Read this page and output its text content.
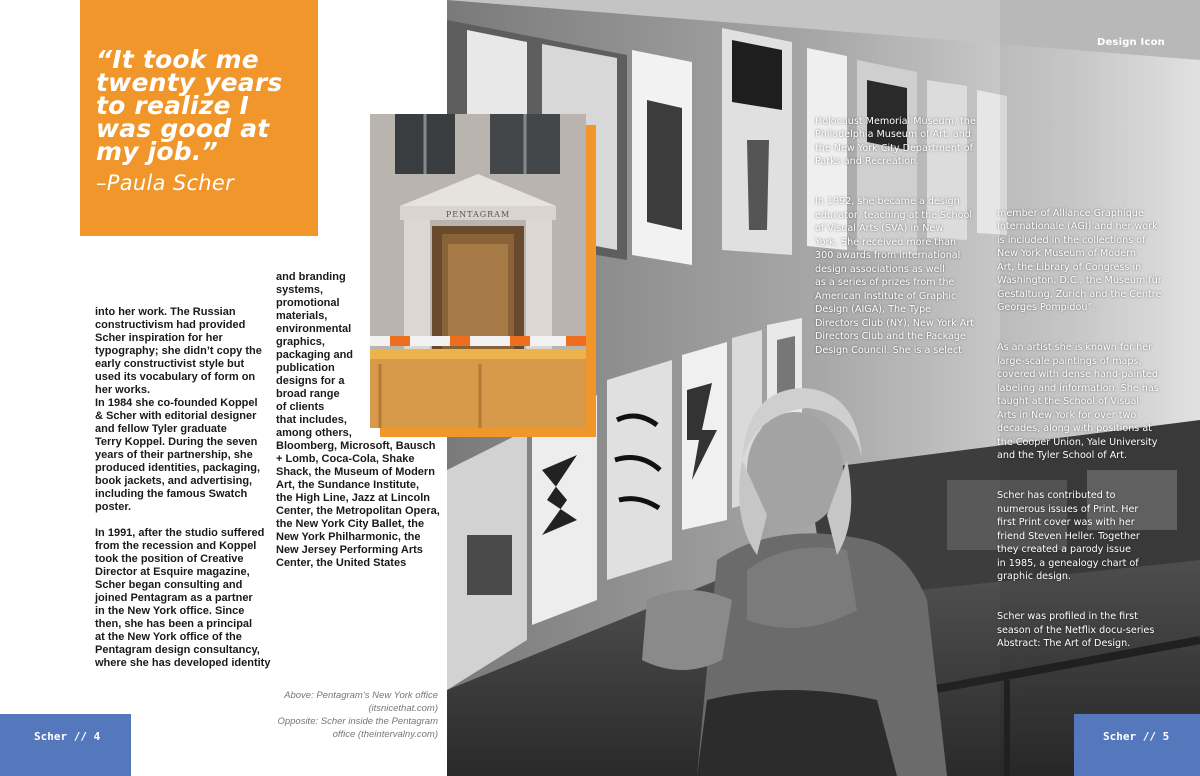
“It took me
twenty years
to realize I
was good at
my job.”
–Paula Scher
into her work. The Russian
constructivism had provided
Scher inspiration for her
typography; she didn’t copy the
early constructivist style but
used its vocabulary of form on
her works.
In 1984 she co-founded Koppel
& Scher with editorial designer
and fellow Tyler graduate
Terry Koppel. During the seven
years of their partnership, she
produced identities, packaging,
book jackets, and advertising,
including the famous Swatch
poster.

In 1991, after the studio suffered
from the recession and Koppel
took the position of Creative
Director at Esquire magazine,
Scher began consulting and
joined Pentagram as a partner
in the New York office. Since
then, she has been a principal
at the New York office of the
Pentagram design consultancy,
where she has developed identity
and branding
systems,
promotional
materials,
environmental
graphics,
packaging and
publication
designs for a
broad range
of clients
that includes,
among others,
Bloomberg, Microsoft, Bausch
+ Lomb, Coca-Cola, Shake
Shack, the Museum of Modern
Art, the Sundance Institute,
the High Line, Jazz at Lincoln
Center, the Metropolitan Opera,
the New York City Ballet, the
New York Philharmonic, the
New Jersey Performing Arts
Center, the United States
Above: Pentagram’s New York office
(itsnicethat.com)
Opposite: Scher inside the Pentagram
office (theintervalny.com)
Scher // 4
Design Icon
PENTAGRAM

Holocaust Memorial Museum, the
Philadelphia Museum of Art, and
the New York City Department of
Parks and Recreation.

In 1992, she became a design
educator, teaching at the School
of Visual Arts (SVA) in New
York. She received more than
300 awards from international
design associations as well
as a series of prizes from the
American Institute of Graphic
Design (AIGA), The Type
Directors Club (NY), New York Art
Directors Club and the Package
Design Council. She is a select

member of Alliance Graphique
Internationale (AGI) and her work
is included in the collections of
New York Museum of Modern
Art, the Library of Congress in
Washington, D.C., the Museum für
Gestaltung, Zurich and the Centre
Georges Pompidou”.

As an artist she is known for her
large-scale paintings of maps,
covered with dense hand-painted
labeling and information. She has
taught at the School of Visual
Arts in New York for over two
decades, along with positions at
the Cooper Union, Yale University
and the Tyler School of Art.

Scher has contributed to
numerous issues of Print. Her
first Print cover was with her
friend Steven Heller. Together
they created a parody issue
in 1985, a genealogy chart of
graphic design.

Scher was profiled in the first
season of the Netflix docu-series
Abstract: The Art of Design.

Scher // 5
